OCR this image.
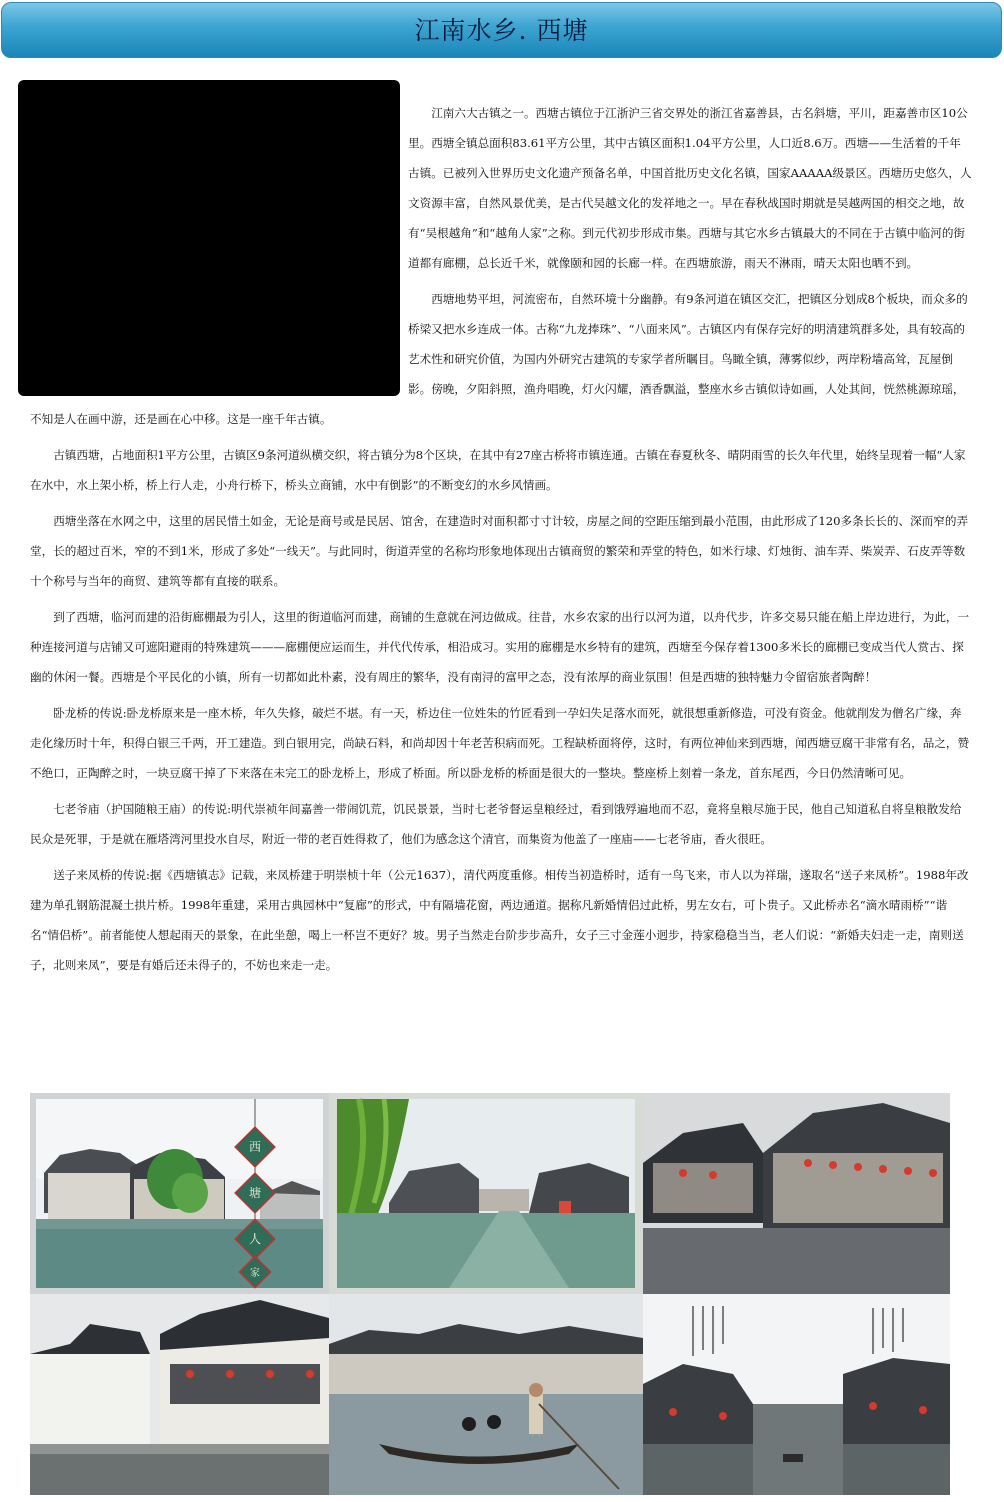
江南水乡. 西塘

江南六大古镇之一。西塘古镇位于江浙沪三省交界处的浙江省嘉善县，古名斜塘，平川，距嘉善市区10公里。西塘全镇总面积83.61平方公里，其中古镇区面积1.04平方公里，人口近8.6万。西塘——生活着的千年古镇。已被列入世界历史文化遗产预备名单，中国首批历史文化名镇，国家AAAAA级景区。西塘历史悠久，人文资源丰富，自然风景优美，是古代吴越文化的发祥地之一。早在春秋战国时期就是吴越两国的相交之地，故有“吴根越角”和“越角人家”之称。到元代初步形成市集。西塘与其它水乡古镇最大的不同在于古镇中临河的街道都有廊棚，总长近千米，就像颐和园的长廊一样。在西塘旅游，雨天不淋雨，晴天太阳也晒不到。

西塘地势平坦，河流密布，自然环境十分幽静。有9条河道在镇区交汇，把镇区分划成8个板块，而众多的桥梁又把水乡连成一体。古称“九龙捧珠”、“八面来风”。古镇区内有保存完好的明清建筑群多处，具有较高的艺术性和研究价值，为国内外研究古建筑的专家学者所瞩目。鸟瞰全镇，薄雾似纱，两岸粉墙高耸，瓦屋倒影。傍晚，夕阳斜照，渔舟唱晚，灯火闪耀，酒香飘溢，整座水乡古镇似诗如画，人处其间，恍然桃源琼瑶，不知是人在画中游，还是画在心中移。这是一座千年古镇。

古镇西塘，占地面积1平方公里，古镇区9条河道纵横交织，将古镇分为8个区块，在其中有27座古桥将市镇连通。古镇在春夏秋冬、晴阴雨雪的长久年代里，始终呈现着一幅“人家在水中，水上架小桥，桥上行人走，小舟行桥下，桥头立商铺，水中有倒影”的不断变幻的水乡风情画。

西塘坐落在水网之中，这里的居民惜土如金，无论是商号或是民居、馆舍，在建造时对面积都寸寸计较，房屋之间的空距压缩到最小范围，由此形成了120多条长长的、深而窄的弄堂，长的超过百米，窄的不到1米，形成了多处“一线天”。与此同时，街道弄堂的名称均形象地体现出古镇商贸的繁荣和弄堂的特色，如米行埭、灯烛街、油车弄、柴炭弄、石皮弄等数十个称号与当年的商贸、建筑等都有直接的联系。

到了西塘，临河而建的沿街廊棚最为引人，这里的街道临河而建，商铺的生意就在河边做成。往昔，水乡农家的出行以河为道，以舟代步，许多交易只能在船上岸边进行，为此，一种连接河道与店铺又可遮阳避雨的特殊建筑———廊棚便应运而生，并代代传承，相沿成习。实用的廊棚是水乡特有的建筑，西塘至今保存着1300多米长的廊棚已变成当代人赏古、探幽的休闲一餐。西塘是个平民化的小镇，所有一切都如此朴素，没有周庄的繁华，没有南浔的富甲之态，没有浓厚的商业氛围！但是西塘的独特魅力令留宿旅者陶醉！

卧龙桥的传说:卧龙桥原来是一座木桥，年久失修，破烂不堪。有一天，桥边住一位姓朱的竹匠看到一孕妇失足落水而死，就很想重新修造，可没有资金。他就削发为僧名广缘，奔走化缘历时十年，积得白银三千两，开工建造。到白银用完，尚缺石料，和尚却因十年老苦积病而死。工程缺桥面将停，这时，有两位神仙来到西塘，闻西塘豆腐干非常有名，品之，赞不绝口，正陶醉之时，一块豆腐干掉了下来落在未完工的卧龙桥上，形成了桥面。所以卧龙桥的桥面是很大的一整块。整座桥上刻着一条龙，首东尾西，今日仍然清晰可见。

七老爷庙（护国随粮王庙）的传说:明代崇祯年间嘉善一带闹饥荒，饥民景景，当时七老爷督运皇粮经过，看到饿殍遍地而不忍，竟将皇粮尽施于民，他自己知道私自将皇粮散发给民众是死罪，于是就在雁塔湾河里投水自尽，附近一带的老百姓得救了，他们为感念这个清官，而集资为他盖了一座庙——七老爷庙，香火很旺。

送子来凤桥的传说:据《西塘镇志》记载，来凤桥建于明崇桢十年（公元1637），清代两度重修。相传当初造桥时，适有一鸟飞来，市人以为祥瑞，遂取名“送子来凤桥”。1988年改建为单孔钢筋混凝土拱片桥。1998年重建，采用古典园林中“复廊”的形式，中有隔墙花窗，两边通道。据称凡新婚情侣过此桥，男左女右，可卜贵子。又此桥赤名“滴水晴雨桥”“谐名“情侣桥”。前者能使人想起雨天的景象，在此坐憩，喝上一杯岂不更好？坡。男子当然走台阶步步高升，女子三寸金莲小迥步，持家稳稳当当，老人们说：“新婚夫妇走一走，南则送子，北则来凤”，要是有婚后还未得子的，不妨也来走一走。

西
塘
人
家
